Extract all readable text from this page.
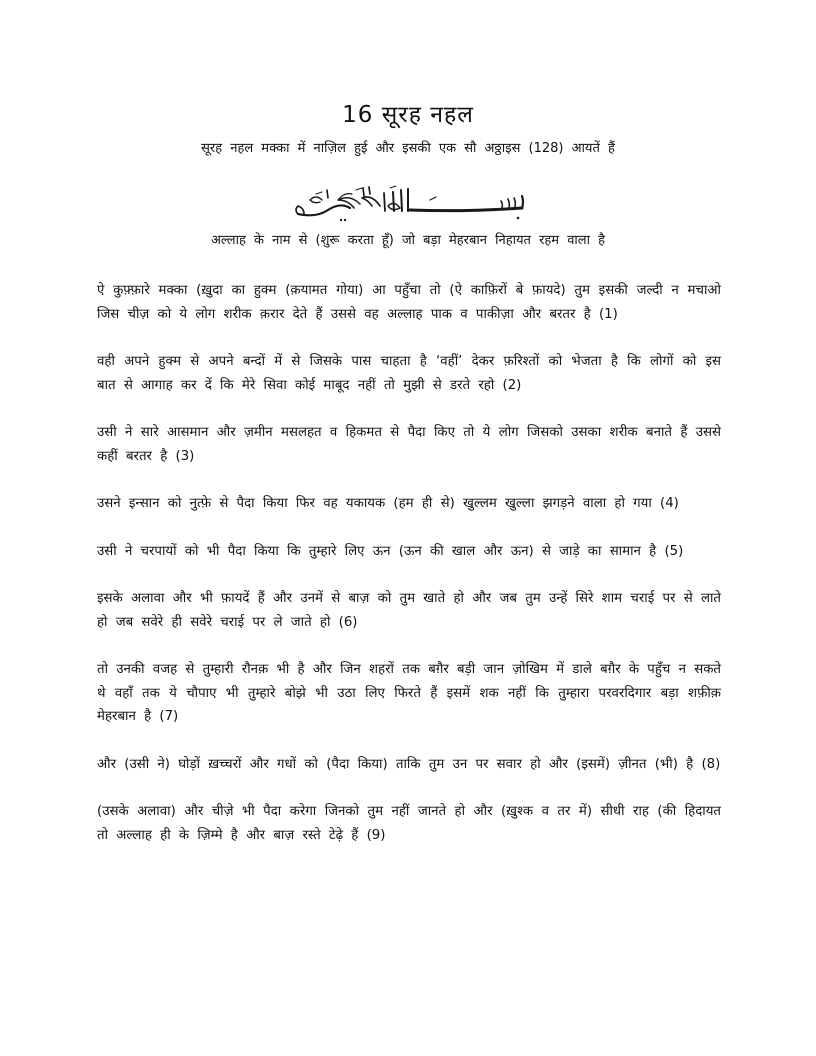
16 सूरह नहल
सूरह नहल मक्का में नाज़िल हुई और इसकी एक सौ अठ्ठाइस (128) आयतें हैं
अल्लाह के नाम से (शुरू करता हूँ) जो बड़ा मेहरबान निहायत रहम वाला है

ऐ कुफ़्फ़ारे मक्का (ख़ुदा का हुक्म (क़यामत गोया) आ पहुँचा तो (ऐ काफ़िरों बे फ़ायदे) तुम इसकी जल्दी न मचाओ जिस चीज़ को ये लोग शरीक क़रार देते हैं उससे वह अल्लाह पाक व पाकीज़ा और बरतर है (1)

वही अपने हुक्म से अपने बन्दों में से जिसके पास चाहता है ‘वहीं’ देकर फ़रिश्तों को भेजता है कि लोगों को इस बात से आगाह कर दें कि मेरे सिवा कोई माबूद नहीं तो मुझी से डरते रहो (2)

उसी ने सारे आसमान और ज़मीन मसलहत व हिकमत से पैदा किए तो ये लोग जिसको उसका शरीक बनाते हैं उससे कहीं बरतर है (3)

उसने इन्सान को नुत्फ़े से पैदा किया फिर वह यकायक (हम ही से) खुल्लम खुल्ला झगड़ने वाला हो गया (4)

उसी ने चरपायों को भी पैदा किया कि तुम्हारे लिए ऊन (ऊन की खाल और ऊन) से जाड़े का सामान है (5)

इसके अलावा और भी फ़ायदें हैं और उनमें से बाज़ को तुम खाते हो और जब तुम उन्हें सिरे शाम चराई पर से लाते हो जब सवेरे ही सवेरे चराई पर ले जाते हो (6)

तो उनकी वजह से तुम्हारी रौनक़ भी है और जिन शहरों तक बग़ैर बड़ी जान ज़ोखिम में डाले बग़ैर के पहुँच न सकते थे वहाँ तक ये चौपाए भी तुम्हारे बोझे भी उठा लिए फिरते हैं इसमें शक नहीं कि तुम्हारा परवरदिगार बड़ा शफ़ीक़ मेहरबान है (7)

और (उसी ने) घोड़ों ख़च्चरों और गधों को (पैदा किया) ताकि तुम उन पर सवार हो और (इसमें) ज़ीनत (भी) है (8)

(उसके अलावा) और चीज़े भी पैदा करेगा जिनको तुम नहीं जानते हो और (ख़ुश्क व तर में) सीधी राह (की हिदायत तो अल्लाह ही के ज़िम्मे है और बाज़ रस्ते टेढ़े हैं (9)
